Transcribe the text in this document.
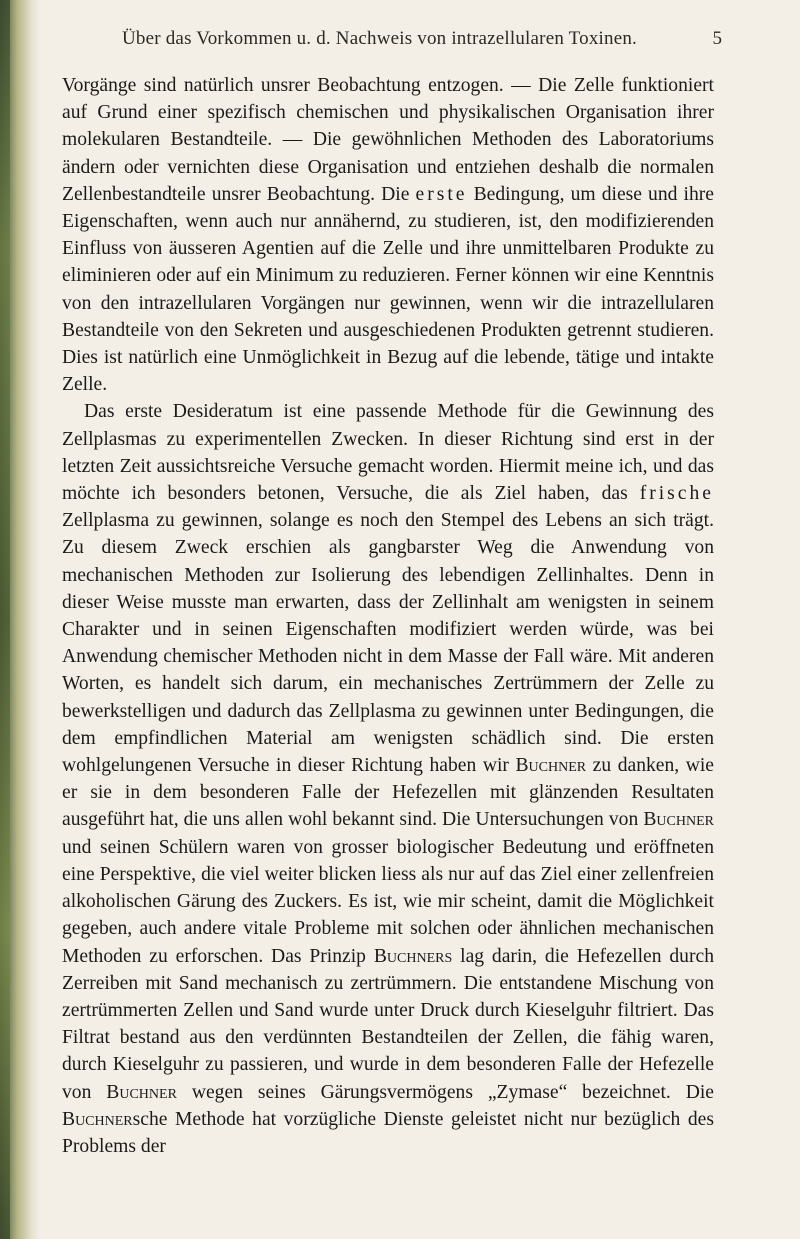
Über das Vorkommen u. d. Nachweis von intrazellularen Toxinen.	5

Vorgänge sind natürlich unsrer Beobachtung entzogen. — Die Zelle funktioniert auf Grund einer spezifisch chemischen und physikalischen Organisation ihrer molekularen Bestandteile. — Die gewöhnlichen Methoden des Laboratoriums ändern oder vernichten diese Organisation und entziehen deshalb die normalen Zellenbestandteile unsrer Beobachtung. Die erste Bedingung, um diese und ihre Eigenschaften, wenn auch nur annähernd, zu studieren, ist, den modifizierenden Einfluss von äusseren Agentien auf die Zelle und ihre unmittelbaren Produkte zu eliminieren oder auf ein Minimum zu reduzieren. Ferner können wir eine Kenntnis von den intrazellularen Vorgängen nur gewinnen, wenn wir die intrazellularen Bestandteile von den Sekreten und ausgeschiedenen Produkten getrennt studieren. Dies ist natürlich eine Unmöglichkeit in Bezug auf die lebende, tätige und intakte Zelle.

Das erste Desideratum ist eine passende Methode für die Gewinnung des Zellplasmas zu experimentellen Zwecken. In dieser Richtung sind erst in der letzten Zeit aussichtsreiche Versuche gemacht worden. Hiermit meine ich, und das möchte ich besonders betonen, Versuche, die als Ziel haben, das frische Zellplasma zu gewinnen, solange es noch den Stempel des Lebens an sich trägt. Zu diesem Zweck erschien als gangbarster Weg die Anwendung von mechanischen Methoden zur Isolierung des lebendigen Zellinhaltes. Denn in dieser Weise musste man erwarten, dass der Zellinhalt am wenigsten in seinem Charakter und in seinen Eigenschaften modifiziert werden würde, was bei Anwendung chemischer Methoden nicht in dem Masse der Fall wäre. Mit anderen Worten, es handelt sich darum, ein mechanisches Zertrümmern der Zelle zu bewerkstelligen und dadurch das Zellplasma zu gewinnen unter Bedingungen, die dem empfindlichen Material am wenigsten schädlich sind. Die ersten wohlgelungenen Versuche in dieser Richtung haben wir Buchner zu danken, wie er sie in dem besonderen Falle der Hefezellen mit glänzenden Resultaten ausgeführt hat, die uns allen wohl bekannt sind. Die Untersuchungen von Buchner und seinen Schülern waren von grosser biologischer Bedeutung und eröffneten eine Perspektive, die viel weiter blicken liess als nur auf das Ziel einer zellenfreien alkoholischen Gärung des Zuckers. Es ist, wie mir scheint, damit die Möglichkeit gegeben, auch andere vitale Probleme mit solchen oder ähnlichen mechanischen Methoden zu erforschen. Das Prinzip Buchners lag darin, die Hefezellen durch Zerreiben mit Sand mechanisch zu zertrümmern. Die entstandene Mischung von zertrümmerten Zellen und Sand wurde unter Druck durch Kieselguhr filtriert. Das Filtrat bestand aus den verdünnten Bestandteilen der Zellen, die fähig waren, durch Kieselguhr zu passieren, und wurde in dem besonderen Falle der Hefezelle von Buchner wegen seines Gärungsvermögens „Zymase“ bezeichnet. Die Buchnersche Methode hat vorzügliche Dienste geleistet nicht nur bezüglich des Problems der
